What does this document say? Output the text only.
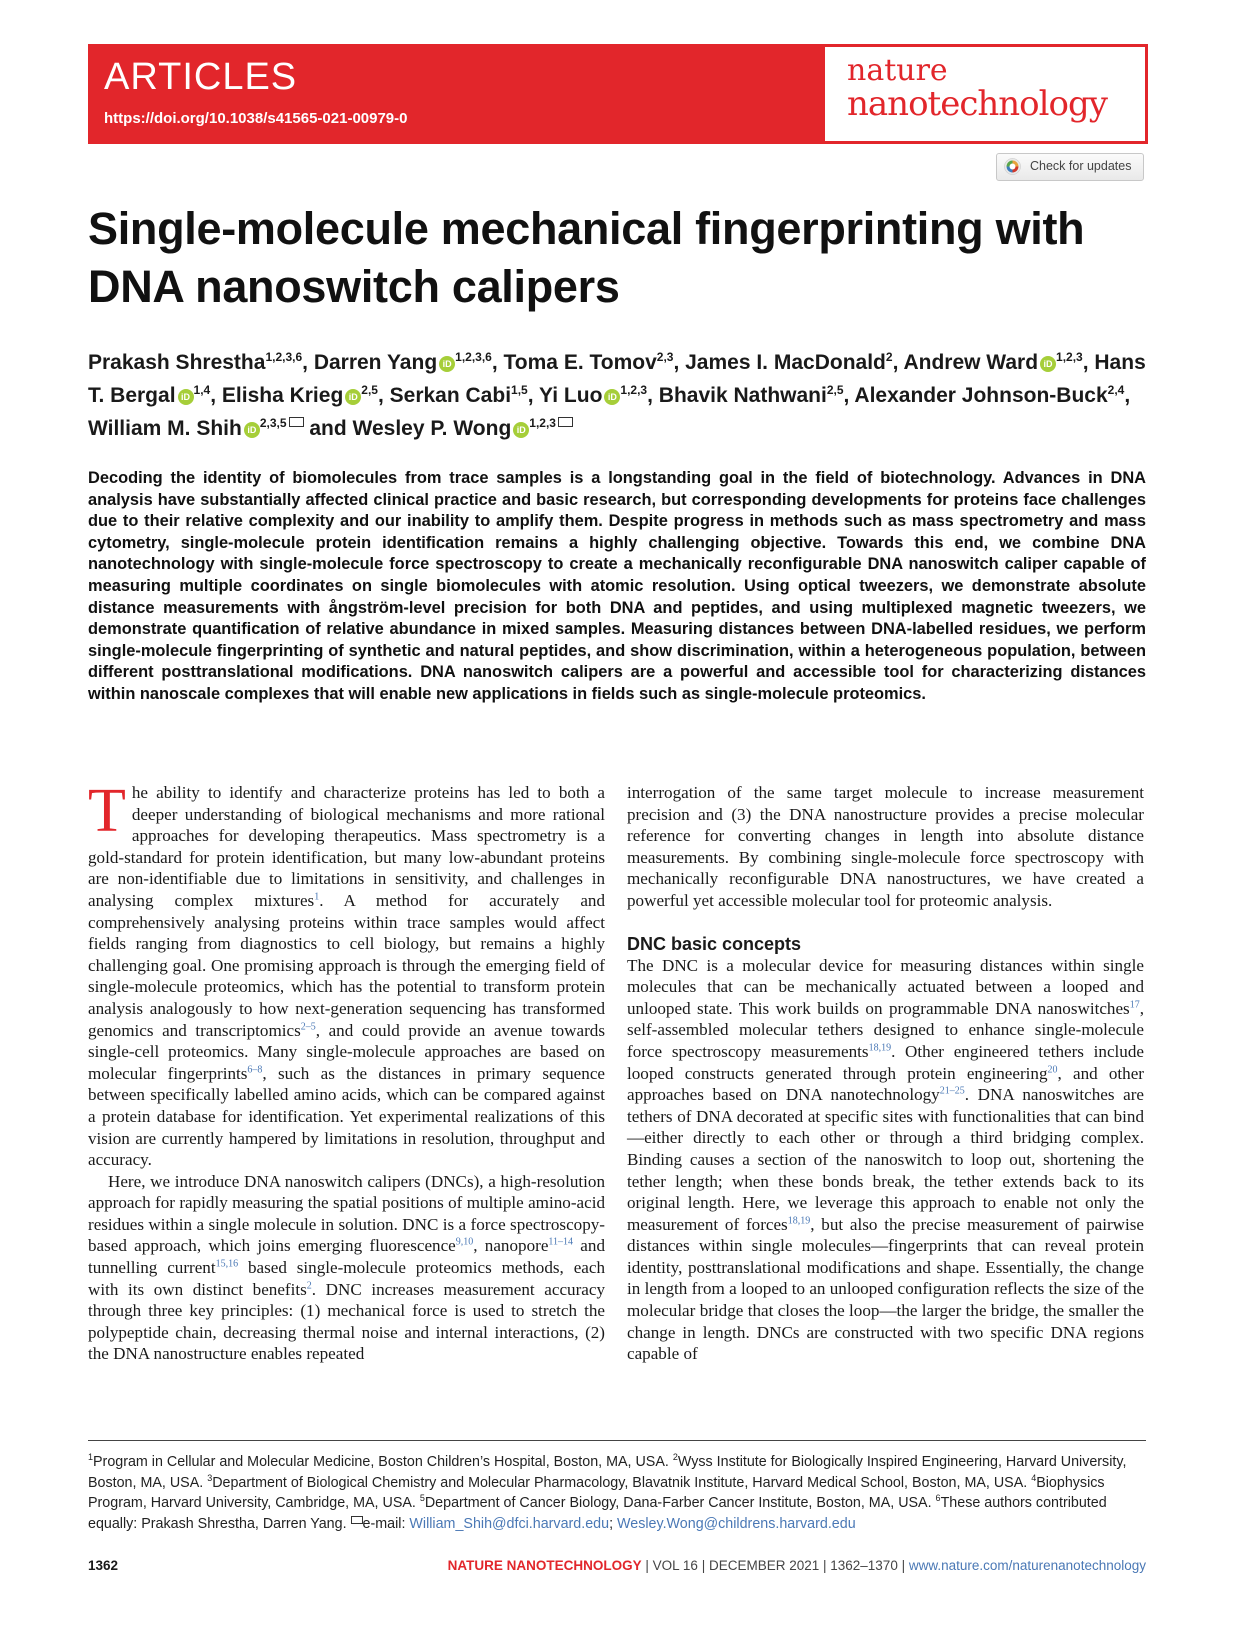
ARTICLES
https://doi.org/10.1038/s41565-021-00979-0
nature
nanotechnology
Check for updates
Single-molecule mechanical fingerprinting with DNA nanoswitch calipers
Prakash Shrestha$^{1,2,3,6}$, Darren Yang iD $^{1,2,3,6}$, Toma E. Tomov$^{2,3}$, James I. MacDonald$^2$, Andrew Ward iD $^{1,2,3}$, Hans T. Bergal iD $^{1,4}$, Elisha Krieg iD $^{2,5}$, Serkan Cabi$^{1,5}$, Yi Luo iD $^{1,2,3}$, Bhavik Nathwani$^{2,5}$, Alexander Johnson-Buck$^{2,4}$, William M. Shih iD $^{2,3,5}$ and Wesley P. Wong iD $^{1,2,3}$

Decoding the identity of biomolecules from trace samples is a longstanding goal in the field of biotechnology. Advances in DNA analysis have substantially affected clinical practice and basic research, but corresponding developments for proteins face challenges due to their relative complexity and our inability to amplify them. Despite progress in methods such as mass spectrometry and mass cytometry, single-molecule protein identification remains a highly challenging objective. Towards this end, we combine DNA nanotechnology with single-molecule force spectroscopy to create a mechanically reconfigurable DNA nanoswitch caliper capable of measuring multiple coordinates on single biomolecules with atomic resolution. Using optical tweezers, we demonstrate absolute distance measurements with ångström-level precision for both DNA and peptides, and using multiplexed magnetic tweezers, we demonstrate quantification of relative abundance in mixed samples. Measuring distances between DNA-labelled residues, we perform single-molecule fingerprinting of synthetic and natural peptides, and show discrimination, within a heterogeneous population, between different posttranslational modifications. DNA nanoswitch calipers are a powerful and accessible tool for characterizing distances within nanoscale complexes that will enable new applications in fields such as single-molecule proteomics.

The ability to identify and characterize proteins has led to both a deeper understanding of biological mechanisms and more rational approaches for developing therapeutics. Mass spectrometry is a gold-standard for protein identification, but many low-abundant proteins are non-identifiable due to limitations in sensitivity, and challenges in analysing complex mixtures$^1$. A method for accurately and comprehensively analysing proteins within trace samples would affect fields ranging from diagnostics to cell biology, but remains a highly challenging goal. One promising approach is through the emerging field of single-molecule proteomics, which has the potential to transform protein analysis analogously to how next-generation sequencing has transformed genomics and transcriptomics$^{2-5}$, and could provide an avenue towards single-cell proteomics. Many single-molecule approaches are based on molecular fingerprints$^{6-8}$, such as the distances in primary sequence between specifically labelled amino acids, which can be compared against a protein database for identification. Yet experimental realizations of this vision are currently hampered by limitations in resolution, throughput and accuracy.

Here, we introduce DNA nanoswitch calipers (DNCs), a high-resolution approach for rapidly measuring the spatial positions of multiple amino-acid residues within a single molecule in solution. DNC is a force spectroscopy-based approach, which joins emerging fluorescence$^{9,10}$, nanopore$^{11-14}$ and tunnelling current$^{15,16}$ based single-molecule proteomics methods, each with its own distinct benefits$^2$. DNC increases measurement accuracy through three key principles: (1) mechanical force is used to stretch the polypeptide chain, decreasing thermal noise and internal interactions, (2) the DNA nanostructure enables repeated

interrogation of the same target molecule to increase measurement precision and (3) the DNA nanostructure provides a precise molecular reference for converting changes in length into absolute distance measurements. By combining single-molecule force spectroscopy with mechanically reconfigurable DNA nanostructures, we have created a powerful yet accessible molecular tool for proteomic analysis.

DNC basic concepts

The DNC is a molecular device for measuring distances within single molecules that can be mechanically actuated between a looped and unlooped state. This work builds on programmable DNA nanoswitches$^{17}$, self-assembled molecular tethers designed to enhance single-molecule force spectroscopy measurements$^{18,19}$. Other engineered tethers include looped constructs generated through protein engineering$^{20}$, and other approaches based on DNA nanotechnology$^{21-25}$. DNA nanoswitches are tethers of DNA decorated at specific sites with functionalities that can bind—either directly to each other or through a third bridging complex. Binding causes a section of the nanoswitch to loop out, shortening the tether length; when these bonds break, the tether extends back to its original length. Here, we leverage this approach to enable not only the measurement of forces$^{18,19}$, but also the precise measurement of pairwise distances within single molecules—fingerprints that can reveal protein identity, posttranslational modifications and shape. Essentially, the change in length from a looped to an unlooped configuration reflects the size of the molecular bridge that closes the loop—the larger the bridge, the smaller the change in length. DNCs are constructed with two specific DNA regions capable of

$^1$Program in Cellular and Molecular Medicine, Boston Children’s Hospital, Boston, MA, USA. $^2$Wyss Institute for Biologically Inspired Engineering, Harvard University, Boston, MA, USA. $^3$Department of Biological Chemistry and Molecular Pharmacology, Blavatnik Institute, Harvard Medical School, Boston, MA, USA. $^4$Biophysics Program, Harvard University, Cambridge, MA, USA. $^5$Department of Cancer Biology, Dana-Farber Cancer Institute, Boston, MA, USA. $^6$These authors contributed equally: Prakash Shrestha, Darren Yang. e-mail: William_Shih@dfci.harvard.edu; Wesley.Wong@childrens.harvard.edu

1362	NATURE NANOTECHNOLOGY | VOL 16 | DECEMBER 2021 | 1362–1370 | www.nature.com/naturenanotechnology
